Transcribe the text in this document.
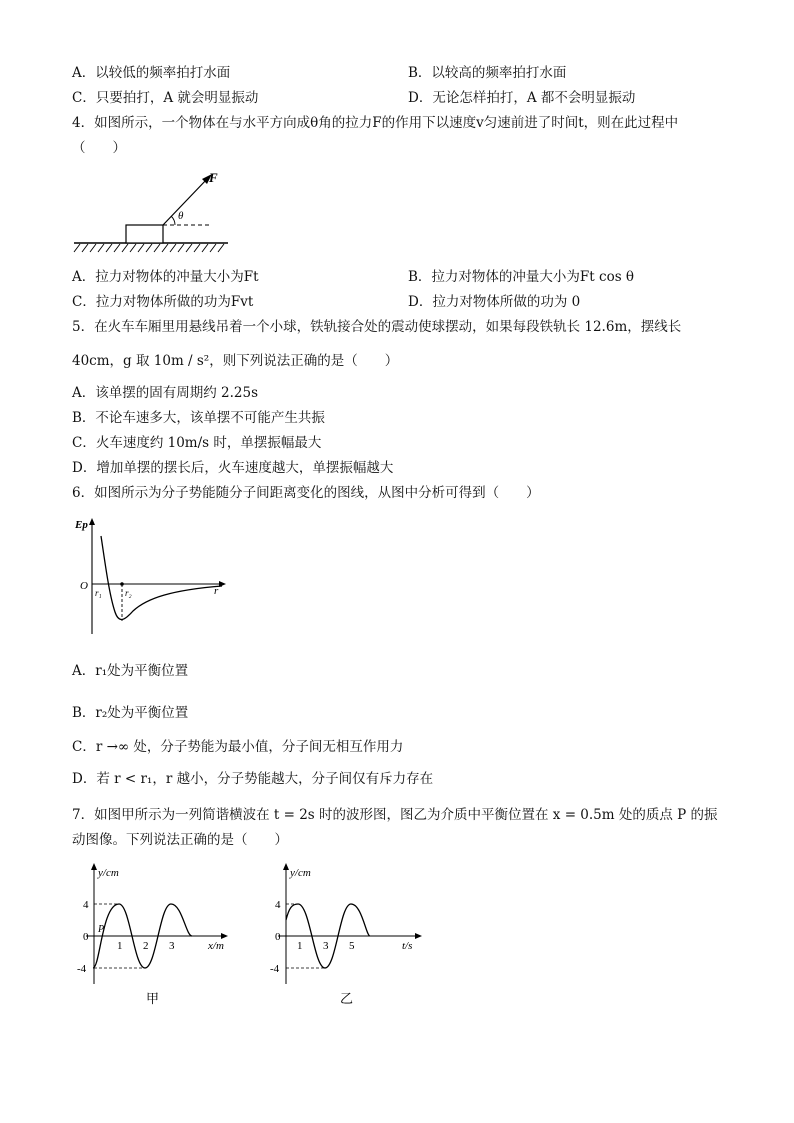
A．以较低的频率拍打水面	B．以较高的频率拍打水面
C．只要拍打，A 就会明显振动	D．无论怎样拍打，A 都不会明显振动
4．如图所示，一个物体在与水平方向成θ角的拉力F的作用下以速度v匀速前进了时间t，则在此过程中
（　　）
F
θ
A．拉力对物体的冲量大小为Ft	B．拉力对物体的冲量大小为Ft cos θ
C．拉力对物体所做的功为Fvt	D．拉力对物体所做的功为 0
5．在火车车厢里用悬线吊着一个小球，铁轨接合处的震动使球摆动，如果每段铁轨长 12.6m，摆线长
40cm，g 取 10m / s²，则下列说法正确的是（　　）
A．该单摆的固有周期约 2.25s
B．不论车速多大，该单摆不可能产生共振
C．火车速度约 10m/s 时，单摆振幅最大
D．增加单摆的摆长后，火车速度越大，单摆振幅越大
6．如图所示为分子势能随分子间距离变化的图线，从图中分析可得到（　　）
Ep
O
r₁	r₂	r
A．r₁处为平衡位置
B．r₂处为平衡位置
C．r →∞ 处，分子势能为最小值，分子间无相互作用力
D．若 r < r₁，r 越小，分子势能越大，分子间仅有斥力存在
7．如图甲所示为一列简谐横波在 t = 2s 时的波形图，图乙为介质中平衡位置在 x = 0.5m 处的质点 P 的振
动图像。下列说法正确的是（　　）
y/cm
4
0
-4
P
1 2 3	x/m
甲
y/cm
4
0
-4
1 3 5	t/s
乙
